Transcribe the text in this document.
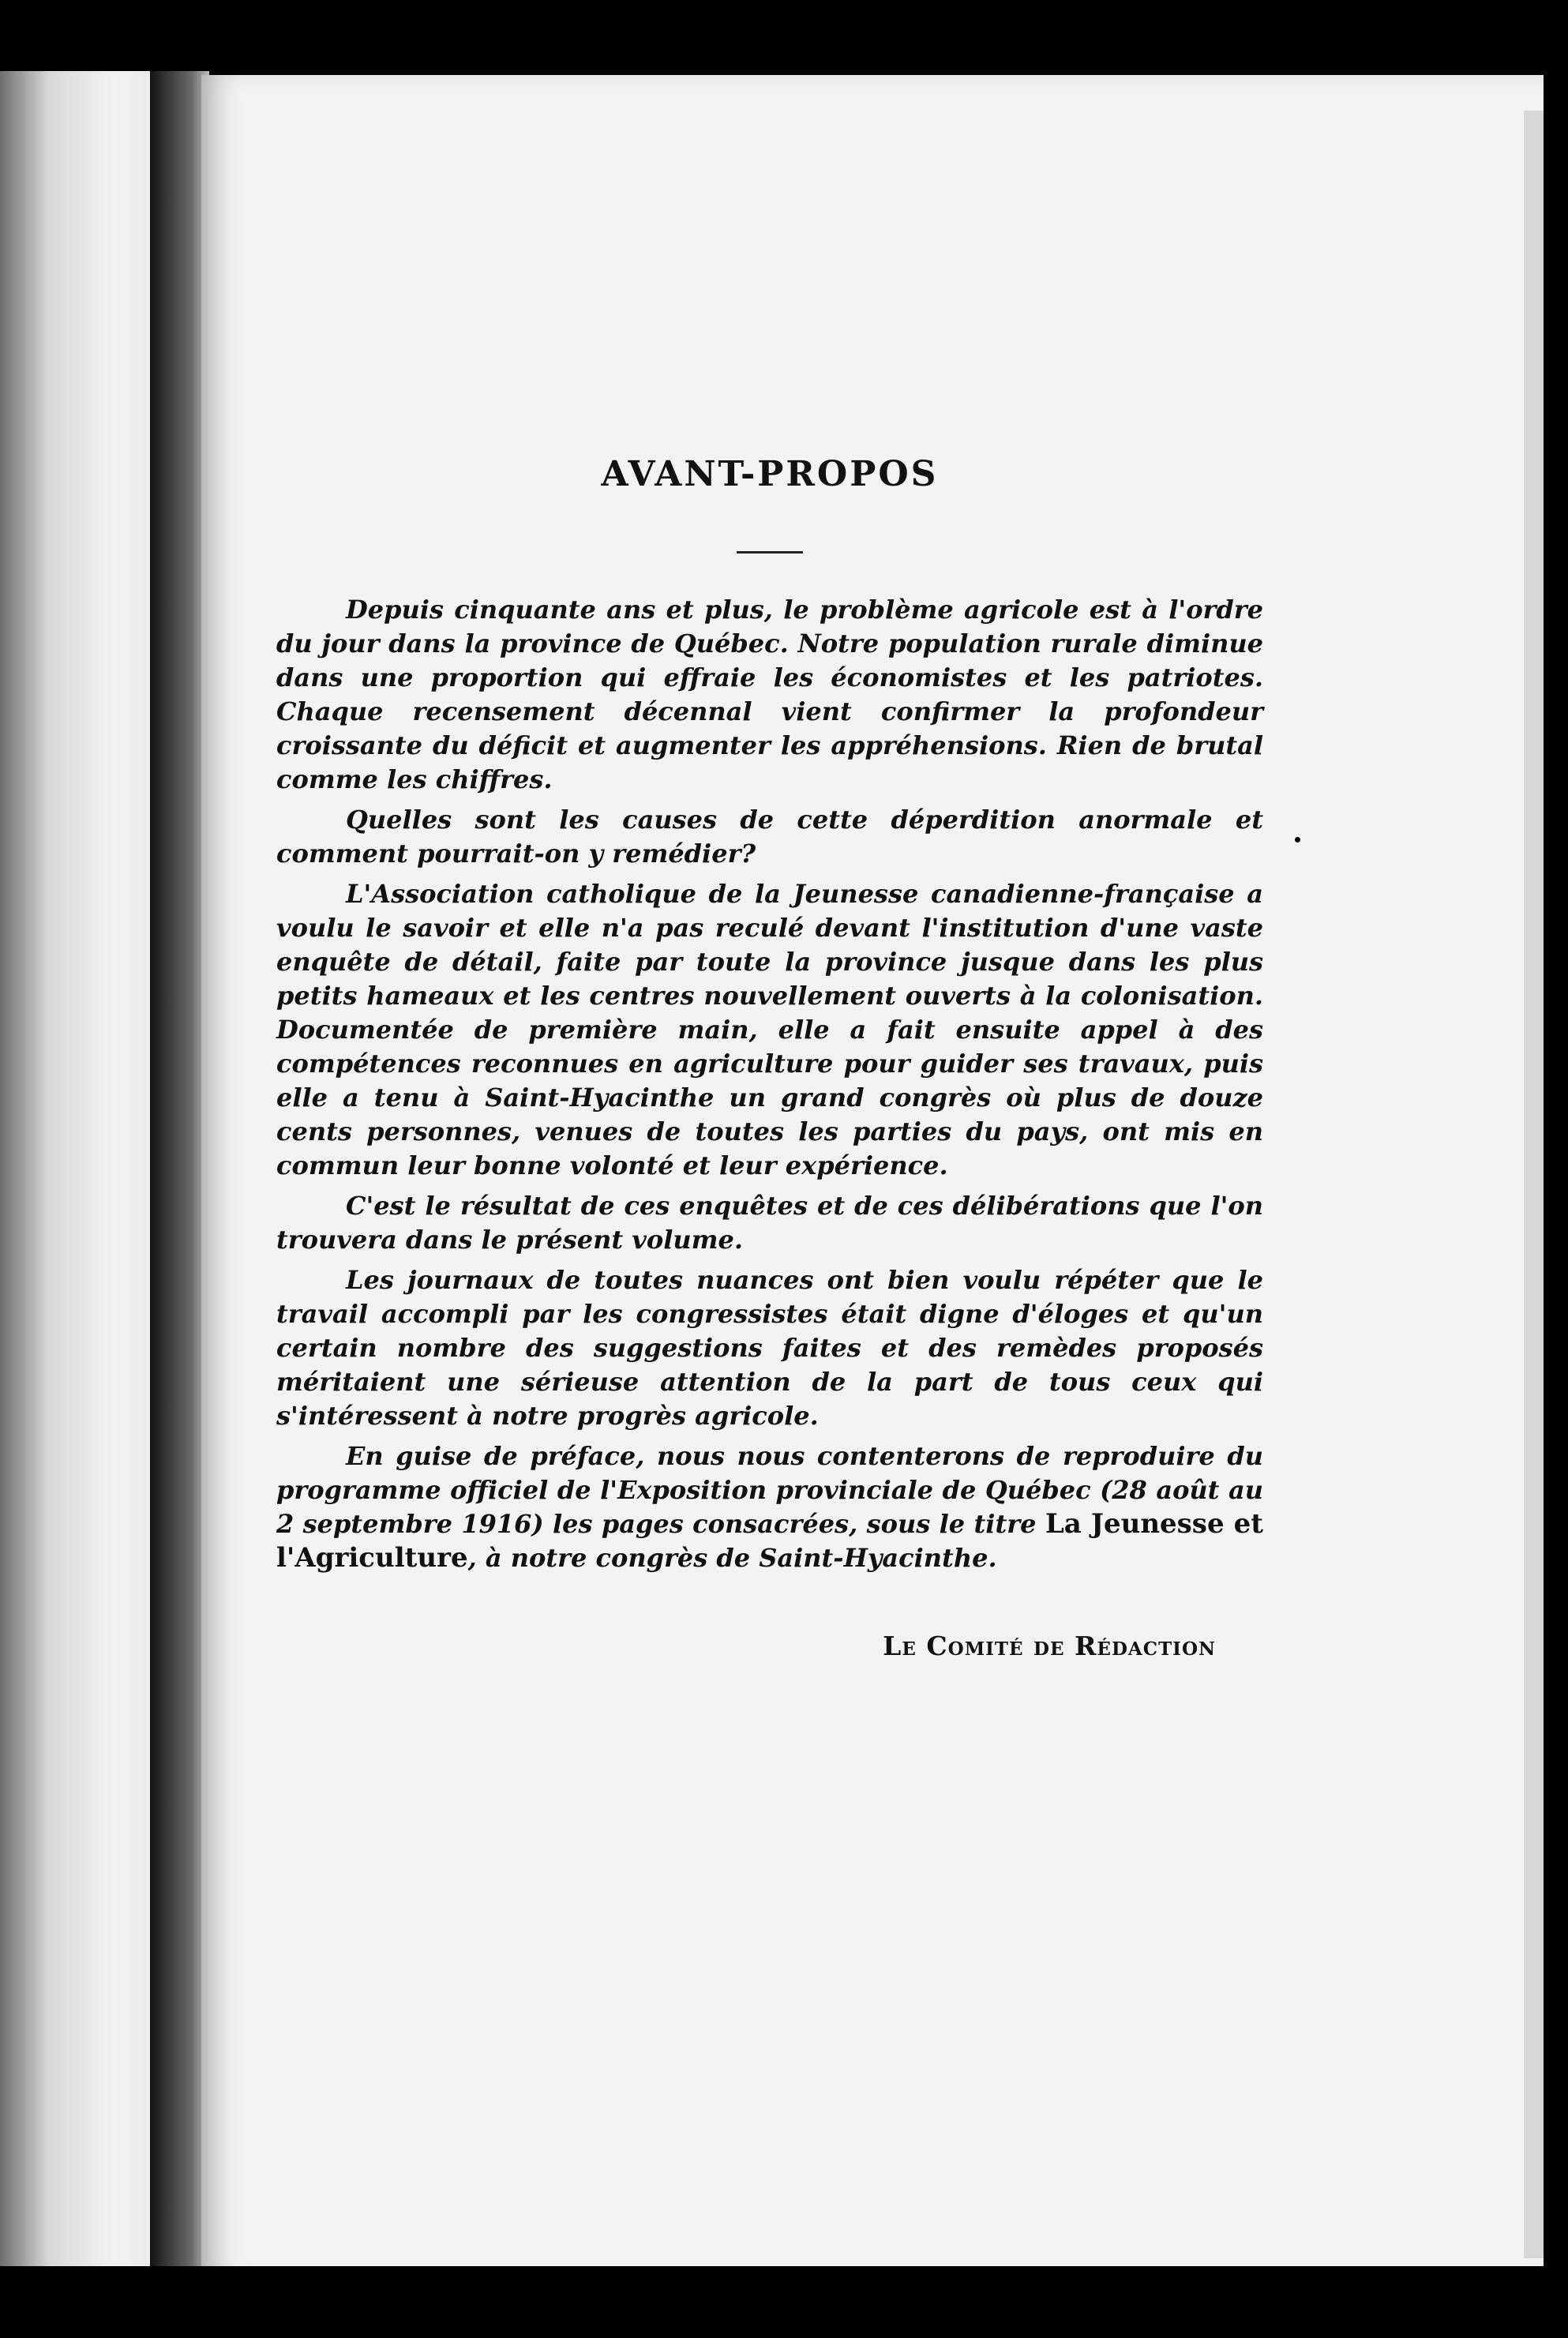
AVANT-PROPOS

Depuis cinquante ans et plus, le problème agricole est à l'ordre du jour dans la province de Québec. Notre population rurale diminue dans une proportion qui effraie les économistes et les patriotes. Chaque recensement décennal vient confirmer la profondeur croissante du déficit et augmenter les appréhensions. Rien de brutal comme les chiffres.

Quelles sont les causes de cette déperdition anormale et comment pourrait-on y remédier?

L'Association catholique de la Jeunesse canadienne-française a voulu le savoir et elle n'a pas reculé devant l'institution d'une vaste enquête de détail, faite par toute la province jusque dans les plus petits hameaux et les centres nouvellement ouverts à la colonisation. Documentée de première main, elle a fait ensuite appel à des compétences reconnues en agriculture pour guider ses travaux, puis elle a tenu à Saint-Hyacinthe un grand congrès où plus de douze cents personnes, venues de toutes les parties du pays, ont mis en commun leur bonne volonté et leur expérience.

C'est le résultat de ces enquêtes et de ces délibérations que l'on trouvera dans le présent volume.

Les journaux de toutes nuances ont bien voulu répéter que le travail accompli par les congressistes était digne d'éloges et qu'un certain nombre des suggestions faites et des remèdes proposés méritaient une sérieuse attention de la part de tous ceux qui s'intéressent à notre progrès agricole.

En guise de préface, nous nous contenterons de reproduire du programme officiel de l'Exposition provinciale de Québec (28 août au 2 septembre 1916) les pages consacrées, sous le titre La Jeunesse et l'Agriculture, à notre congrès de Saint-Hyacinthe.

Le Comité de Rédaction
